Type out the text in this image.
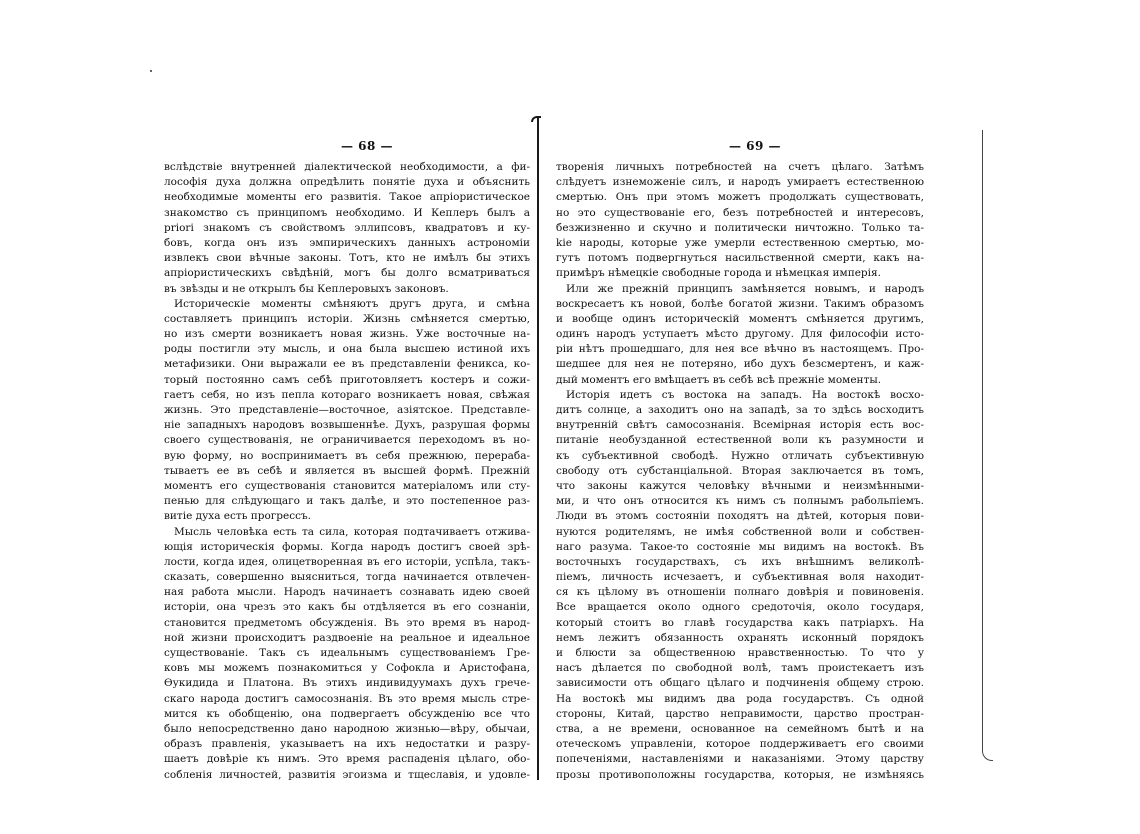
— 68 —
вслѣдствіе внутренней діалектической необходимости, а фи-
лософія духа должна опредѣлить понятіе духа и объяснить
необходимые моменты его развитія. Такое апріористическое
знакомство съ принципомъ необходимо. И Кеплеръ былъ a
priori знакомъ съ свойствомъ эллипсовъ, квадратовъ и ку-
бовъ, когда онъ изъ эмпирическихъ данныхъ астрономіи
извлекъ свои вѣчные законы. Тотъ, кто не имѣлъ бы этихъ
апріористическихъ свѣдѣній, могъ бы долго всматриваться
въ звѣзды и не открылъ бы Кеплеровыхъ законовъ.
Историческіе моменты смѣняютъ другъ друга, и смѣна
составляетъ принципъ исторіи. Жизнь смѣняется смертью,
но изъ смерти возникаетъ новая жизнь. Уже восточные на-
роды постигли эту мысль, и она была высшею истиной ихъ
метафизики. Они выражали ее въ представленіи феникса, ко-
торый постоянно самъ себѣ приготовляетъ костеръ и сожи-
гаетъ себя, но изъ пепла котораго возникаетъ новая, свѣжая
жизнь. Это представленіе—восточное, азіятское. Представле-
ніе западныхъ народовъ возвышеннѣе. Духъ, разрушая формы
своего существованія, не ограничивается переходомъ въ но-
вую форму, но воспринимаетъ въ себя прежнюю, перераба-
тываетъ ее въ себѣ и является въ высшей формѣ. Прежній
моментъ его существованія становится матеріаломъ или сту-
пенью для слѣдующаго и такъ далѣе, и это постепенное раз-
витіе духа есть прогрессъ.
Мысль человѣка есть та сила, которая подтачиваетъ отжива-
ющія историческія формы. Когда народъ достигъ своей зрѣ-
лости, когда идея, олицетворенная въ его исторіи, успѣла, такъ-
сказать, совершенно выясниться, тогда начинается отвлечен-
ная работа мысли. Народъ начинаетъ сознавать идею своей
исторіи, она чрезъ это какъ бы отдѣляется въ его сознаніи,
становится предметомъ обсужденія. Въ это время въ народ-
ной жизни происходитъ раздвоеніе на реальное и идеальное
существованіе. Такъ съ идеальнымъ существованіемъ Гре-
ковъ мы можемъ познакомиться у Софокла и Аристофана,
Ѳукидида и Платона. Въ этихъ индивидуумахъ духъ грече-
скаго народа достигъ самосознанія. Въ это время мысль стре-
мится къ обобщенію, она подвергаетъ обсужденію все что
было непосредственно дано народною жизнью—вѣру, обычаи,
образъ правленія, указываетъ на ихъ недостатки и разру-
шаетъ довѣріе къ нимъ. Это время распаденія цѣлаго, обо-
собленія личностей, развитія эгоизма и тщеславія, и удовле-
— 69 —
творенія личныхъ потребностей на счетъ цѣлаго. Затѣмъ
слѣдуетъ изнеможеніе силъ, и народъ умираетъ естественною
смертью. Онъ при этомъ можетъ продолжать существовать,
но это существованіе его, безъ потребностей и интересовъ,
безжизненно и скучно и политически ничтожно. Только та-
kie народы, которые уже умерли естественною смертью, мо-
гутъ потомъ подвергнуться насильственной смерти, какъ на-
примѣръ нѣмецкіе свободные города и нѣмецкая имперія.
Или же прежній принципъ замѣняется новымъ, и народъ
воскресаетъ къ новой, болѣе богатой жизни. Такимъ образомъ
и вообще одинъ историческій моментъ смѣняется другимъ,
одинъ народъ уступаетъ мѣсто другому. Для философіи исто-
ріи нѣтъ прошедшаго, для нея все вѣчно въ настоящемъ. Про-
шедшее для нея не потеряно, ибо духъ безсмертенъ, и каж-
дый моментъ его вмѣщаетъ въ себѣ всѣ прежніе моменты.
Исторія идетъ съ востока на западъ. На востокѣ восхо-
дитъ солнце, а заходитъ оно на западѣ, за то здѣсь восходитъ
внутренній свѣтъ самосознанія. Всемірная исторія есть вос-
питаніе необузданной естественной воли къ разумности и
къ субъективной свободѣ. Нужно отличать субъективную
свободу отъ субстанціальной. Вторая заключается въ томъ,
что законы кажутся человѣку вѣчными и неизмѣнными-
ми, и что онъ относится къ нимъ съ полнымъ рабольпіемъ.
Люди въ этомъ состояніи походятъ на дѣтей, которыя пови-
нуются родителямъ, не имѣя собственной воли и собствен-
наго разума. Такое-то состояніе мы видимъ на востокѣ. Въ
восточныхъ государствахъ, съ ихъ внѣшнимъ великолѣ-
піемъ, личность исчезаетъ, и субъективная воля находит-
ся къ цѣлому въ отношеніи полнаго довѣрія и повиновенія.
Все вращается около одного средоточія, около государя,
который стоитъ во главѣ государства какъ патріархъ. На
немъ лежитъ обязанность охранять исконный порядокъ
и блюсти за общественною нравственностью. То что у
насъ дѣлается по свободной волѣ, тамъ проистекаетъ изъ
зависимости отъ общаго цѣлаго и подчиненія общему строю.
На востокѣ мы видимъ два рода государствъ. Съ одной
стороны, Китай, царство неправимости, царство простран-
ства, а не времени, основанное на семейномъ бытѣ и на
отеческомъ управленіи, которое поддерживаетъ его своими
попеченіями, наставленіями и наказаніями. Этому царству
прозы противоположны государства, которыя, не измѣняясь
